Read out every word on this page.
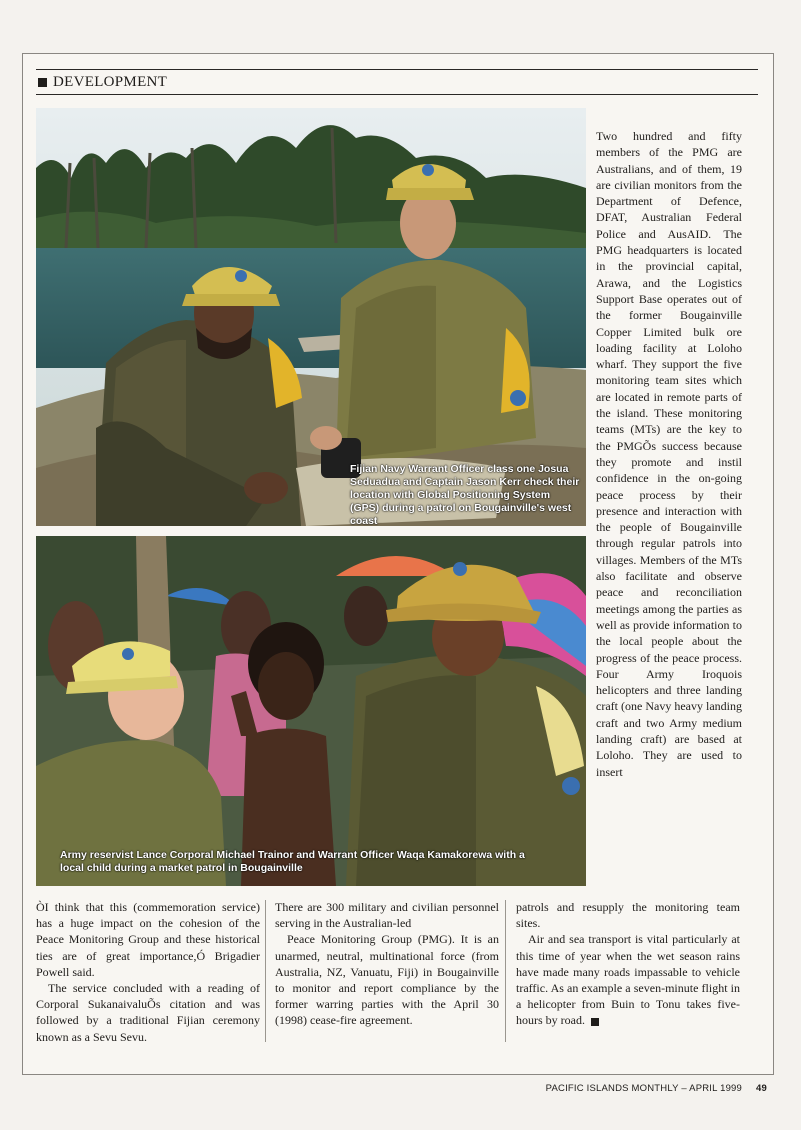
DEVELOPMENT
Fijian Navy Warrant Officer class one Josua Seduadua and Captain Jason Kerr check their location with Global Positioning System (GPS) during a patrol on Bougainville's west coast
Army reservist Lance Corporal Michael Trainor and Warrant Officer Waqa Kamakorewa with a local child during a market patrol in Bougainville

Two hundred and fifty members of the PMG are Australians, and of them, 19 are civilian monitors from the Department of Defence, DFAT, Australian Federal Police and AusAID. The PMG headquarters is located in the provincial capital, Arawa, and the Logistics Support Base operates out of the former Bougainville Copper Limited bulk ore loading facility at Loloho wharf. They support the five monitoring team sites which are located in remote parts of the island. These monitoring teams (MTs) are the key to the PMGÕs success because they promote and instil confidence in the on-going peace process by their presence and interaction with the people of Bougainville through regular patrols into villages. Members of the MTs also facilitate and observe peace and reconciliation meetings among the parties as well as provide information to the local people about the progress of the peace process. Four Army Iroquois helicopters and three landing craft (one Navy heavy landing craft and two Army medium landing craft) are based at Loloho. They are used to insert

ÒI think that this (commemoration service) has a huge impact on the cohesion of the Peace Monitoring Group and these historical ties are of great importance,Ó Brigadier Powell said.

The service concluded with a reading of Corporal SukanaivaluÕs citation and was followed by a traditional Fijian ceremony known as a Sevu Sevu.

There are 300 military and civilian personnel serving in the Australian-led

Peace Monitoring Group (PMG). It is an unarmed, neutral, multinational force (from Australia, NZ, Vanuatu, Fiji) in Bougainville to monitor and report compliance by the former warring parties with the April 30 (1998) cease-fire agreement.

patrols and resupply the monitoring team sites.

Air and sea transport is vital particularly at this time of year when the wet season rains have made many roads impassable to vehicle traffic. As an example a seven-minute flight in a helicopter from Buin to Tonu takes five-hours by road.

PACIFIC ISLANDS MONTHLY – APRIL 1999 49
